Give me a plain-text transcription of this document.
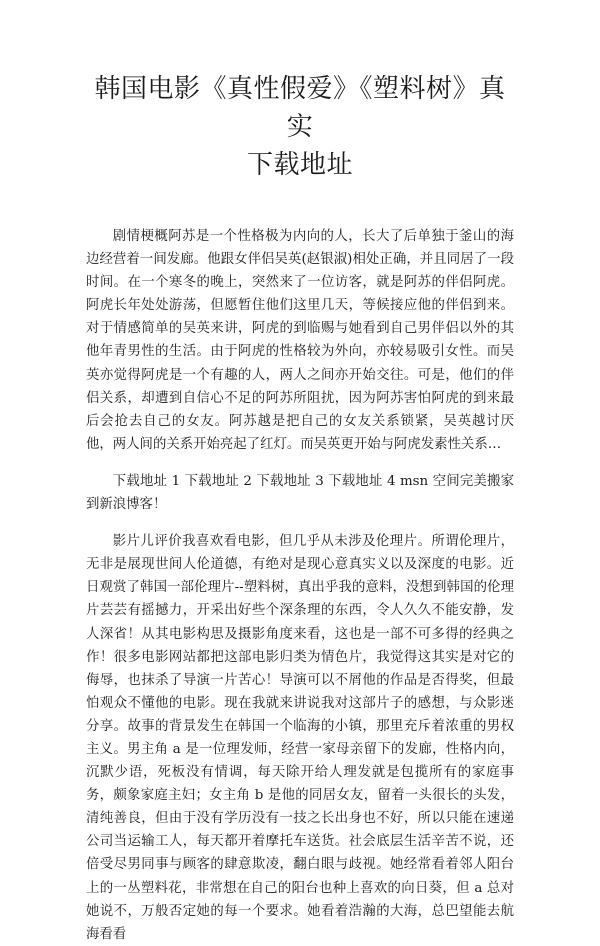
韩国电影《真性假爱》《塑料树》真实
下载地址

剧情梗概阿苏是一个性格极为内向的人，长大了后单独于釜山的海边经营着一间发廊。他跟女伴侣吴英(赵银淑)相处正确，并且同居了一段时间。在一个寒冬的晚上，突然来了一位访客，就是阿苏的伴侣阿虎。阿虎长年处处游荡，但愿暂住他们这里几天，等候接应他的伴侣到来。对于情感简单的吴英来讲，阿虎的到临赐与她看到自己男伴侣以外的其他年青男性的生活。由于阿虎的性格较为外向，亦较易吸引女性。而吴英亦觉得阿虎是一个有趣的人，两人之间亦开始交往。可是，他们的伴侣关系，却遭到自信心不足的阿苏所阻扰，因为阿苏害怕阿虎的到来最后会抢去自己的女友。阿苏越是把自己的女友关系锁紧，吴英越讨厌他，两人间的关系开始亮起了红灯。而吴英更开始与阿虎发素性关系…

下载地址 1 下载地址 2 下载地址 3 下载地址 4 msn 空间完美搬家到新浪博客！

影片儿评价我喜欢看电影，但几乎从未涉及伦理片。所谓伦理片，无非是展现世间人伦道德，有绝对是现心意真实义以及深度的电影。近日观赏了韩国一部伦理片--塑料树，真出乎我的意料，没想到韩国的伦理片芸芸有摇撼力，开采出好些个深条理的东西，令人久久不能安静，发人深省！从其电影构思及摄影角度来看，这也是一部不可多得的经典之作！很多电影网站都把这部电影归类为情色片，我觉得这其实是对它的侮辱，也抹杀了导演一片苦心！导演可以不屑他的作品是否得奖，但最怕观众不懂他的电影。现在我就来讲说我对这部片子的感想，与众影迷分享。故事的背景发生在韩国一个临海的小镇，那里充斥着浓重的男权主义。男主角 a 是一位理发师，经营一家母亲留下的发廊，性格内向，沉默少语，死板没有情调，每天除开给人理发就是包揽所有的家庭事务，颇象家庭主妇；女主角 b 是他的同居女友，留着一头很长的头发，清纯善良，但由于没有学历没有一技之长出身也不好，所以只能在速递公司当运输工人，每天都开着摩托车送货。社会底层生活辛苦不说，还倍受尽男同事与顾客的肆意欺凌，翻白眼与歧视。她经常看着邻人阳台上的一丛塑料花，非常想在自己的阳台也种上喜欢的向日葵，但 a 总对她说不，万般否定她的每一个要求。她看着浩瀚的大海，总巴望能去航海看看
